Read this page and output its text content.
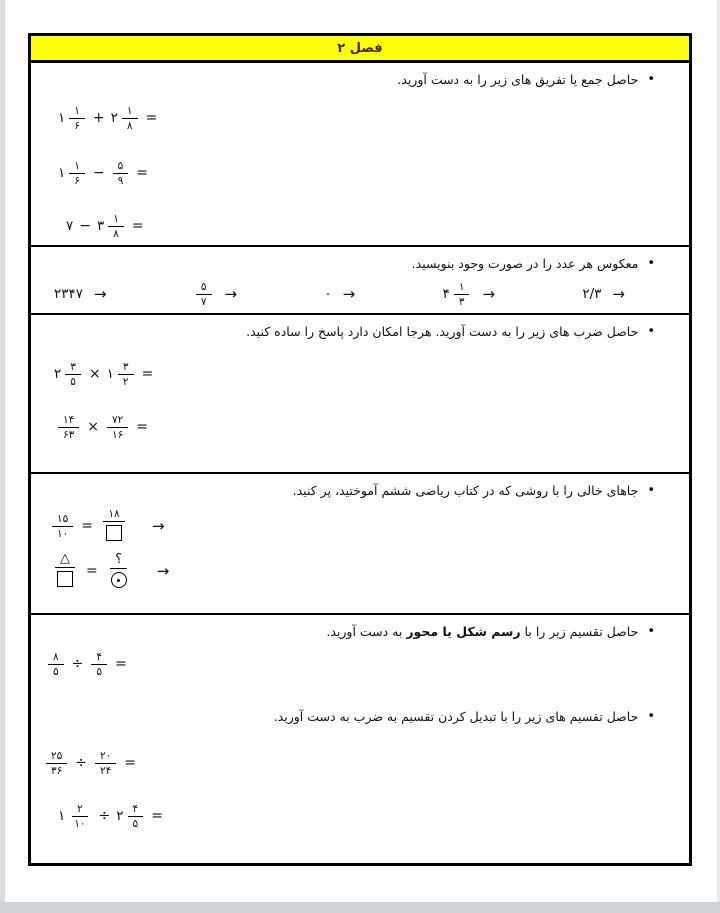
فصل ۲
•
حاصل جمع یا تفریق های زیر را به دست آورید.
۱ $\frac{۱}{۶}$ + ۲ $\frac{۱}{۸}$ =
۱ $\frac{۱}{۶} - \frac{۵}{۹}$ =
۷ − ۳ $\frac{۱}{۸}$ =
•
معکوس هر عدد را در صورت وجود بنویسید.
۲۳۴۷ →	$\frac{۵}{۷}$ →	۰ →	۴ $\frac{۱}{۳}$ →	۲/۳ →
•
حاصل ضرب های زیر را به دست آورید. هرجا امکان دارد پاسخ را ساده کنید.
۲ $\frac{۳}{۵}$ × ۱ $\frac{۳}{۲}$ =
$\frac{۱۴}{۶۳} \times \frac{۷۲}{۱۶}$ =
•
جاهای خالی را با روشی که در کتاب ریاضی ششم آموختید، پر کنید.
$\frac{۱۵}{۱۰}$ =
۱۸
→
△
=
؟
→
•
حاصل تقسیم زیر را با رسم شکل یا محور به دست آورید.
$\frac{۸}{۵} \div \frac{۴}{۵}$ =
•
حاصل تقسیم های زیر را با تبدیل کردن تقسیم به ضرب به دست آورید.
$\frac{۲۵}{۳۶} \div \frac{۲۰}{۲۴}$ =
۱ $\frac{۲}{۱۰}$ ÷ ۲ $\frac{۴}{۵}$ =
